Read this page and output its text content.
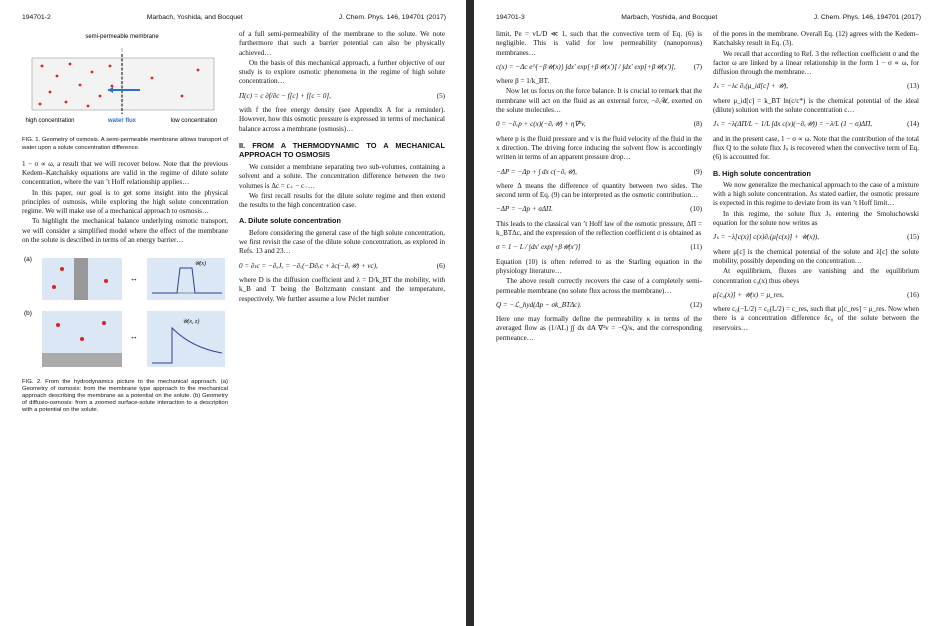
194701-2	Marbach, Yoshida, and Bocquet	J. Chem. Phys. 146, 194701 (2017)
semi-permeable membrane
high concentration	water flux	low concentration
FIG. 1. Geometry of osmosis. A semi-permeable membrane allows transport of water upon a solute concentration difference.

1 − σ ∝ ω, a result that we will recover below. Note that the previous Kedem–Katchalsky equations are valid in the regime of dilute solute concentration, where the van ’t Hoff relationship applies…

In this paper, our goal is to get some insight into the physical principles of osmosis, while exploring the high solute concentration regime. We will make use of a mechanical approach to osmosis…

To highlight the mechanical balance underlying osmotic transport, we will consider a simplified model where the effect of the membrane on the solute is described in terms of an energy barrier…

(a)
↔
𝒰(x)
(b)
↔
𝒰(x, z)
FIG. 2. From the hydrodynamics picture to the mechanical approach. (a) Geometry of osmosis: from the membrane type approach to the mechanical approach describing the membrane as a potential on the solute. (b) Geometry of diffusio-osmosis: from a zoomed surface-solute interaction to a description with a potential on the solute.

of a full semi-permeability of the membrane to the solute. We note furthermore that such a barrier potential can also be physically achieved…

On the basis of this mechanical approach, a further objective of our study is to explore osmotic phenomena in the regime of high solute concentration…

Π(c) = c ∂f/∂c − f[c] + f[c = 0],	(5)

with f the free energy density (see Appendix A for a reminder). However, how this osmotic pressure is expressed in terms of mechanical balance across a membrane (osmosis)…

II. FROM A THERMODYNAMIC TO A MECHANICAL APPROACH TO OSMOSIS

We consider a membrane separating two sub-volumes, containing a solvent and a solute. The concentration difference between the two volumes is Δc = c₊ − c₋…

We first recall results for the dilute solute regime and then extend the results to the high concentration case.

A. Dilute solute concentration

Before considering the general case of the high solute concentration, we first revisit the case of the dilute solute concentration, as explored in Refs. 13 and 23…

0 = ∂ₜc = −∂ₓJₓ = −∂ₓ(−D∂ₓc + λc(−∂ₓ𝒰) + vc),	(6)

where D is the diffusion coefficient and λ = D/k_BT the mobility, with k_B and T being the Boltzmann constant and the temperature, respectively. We further assume a low Péclet number

194701-3	Marbach, Yoshida, and Bocquet	J. Chem. Phys. 146, 194701 (2017)

limit, Pe = vL/D ≪ 1, such that the convective term of Eq. (6) is negligible. This is valid for low permeability (nanoporous) membranes…

c(x) = −Δc e^{−β𝒰(x)} ∫dx′ exp[+β𝒰(x′)] / ∫dx′ exp[+β𝒰(x′)],	(7)

where β = 1/k_BT.

Now let us focus on the force balance. It is crucial to remark that the membrane will act on the fluid as an external force, −∂ₓ𝒰, exerted on the solute molecules…

0 = −∂ₓp + c(x)(−∂ₓ𝒰) + η∇²v,	(8)

where p is the fluid pressure and v is the fluid velocity of the fluid in the x direction. The driving force inducing the solvent flow is accordingly written in terms of an apparent pressure drop…

−ΔP = −Δp + ∫ dx c(−∂ₓ𝒰),	(9)

where Δ means the difference of quantity between two sides. The second term of Eq. (9) can be interpreted as the osmotic contribution…

−ΔP = −Δp + σΔΠ.	(10)

This leads to the classical van ’t Hoff law of the osmotic pressure, ΔΠ = k_BTΔc, and the expression of the reflection coefficient σ is obtained as

σ = 1 − L / ∫dx′ exp[+β𝒰(x′)]	(11)

Equation (10) is often referred to as the Starling equation in the physiology literature…

The above result correctly recovers the case of a completely semi-permeable membrane (no solute flux across the membrane)…

Q = −ℒ_hyd(Δp − σk_BTΔc).	(12)

Here one may formally define the permeability κ in terms of the averaged flow as (1/AL) ∫∫ dx dA ∇²v = −Q/κ, and the corresponding permeance…

of the pores in the membrane. Overall Eq. (12) agrees with the Kedem–Katchalsky result in Eq. (3).

We recall that according to Ref. 3 the reflection coefficient σ and the factor ω are linked by a linear relationship in the form 1 − σ ∝ ω, for diffusion through the membrane…

Jₛ = −λc ∂ₓ(μ_id[c] + 𝒰),	(13)

where μ_id[c] = k_BT ln(c/c*) is the chemical potential of the ideal (dilute) solution with the solute concentration c…

Jₛ = −λ(ΔΠ/L − 1/L ∫dx c(x)(−∂ₓ𝒰)) = −λ/L (1 − σ)ΔΠ,	(14)

and in the present case, 1 − σ ∝ ω. Note that the contribution of the total flux Q to the solute flux Jₛ is recovered when the convective term of Eq. (6) is accounted for.

B. High solute concentration

We now generalize the mechanical approach to the case of a mixture with a high solute concentration. As stated earlier, the osmotic pressure is expected in this regime to deviate from its van ’t Hoff limit…

In this regime, the solute flux Jₛ entering the Smoluchowski equation for the solute now writes as

Jₛ = −λ[c(x)] c(x)∂ₓ(μ[c(x)] + 𝒰(x)),	(15)

where μ[c] is the chemical potential of the solute and λ[c] the solute mobility, possibly depending on the concentration…

At equilibrium, fluxes are vanishing and the equilibrium concentration c₀(x) thus obeys

μ[c₀(x)] + 𝒰(x) = μ_res,	(16)

where c₀(−L/2) = c₀(L/2) = c_res, such that μ[c_res] = μ_res. Now when there is a concentration difference δc₀ of the solute between the reservoirs…
